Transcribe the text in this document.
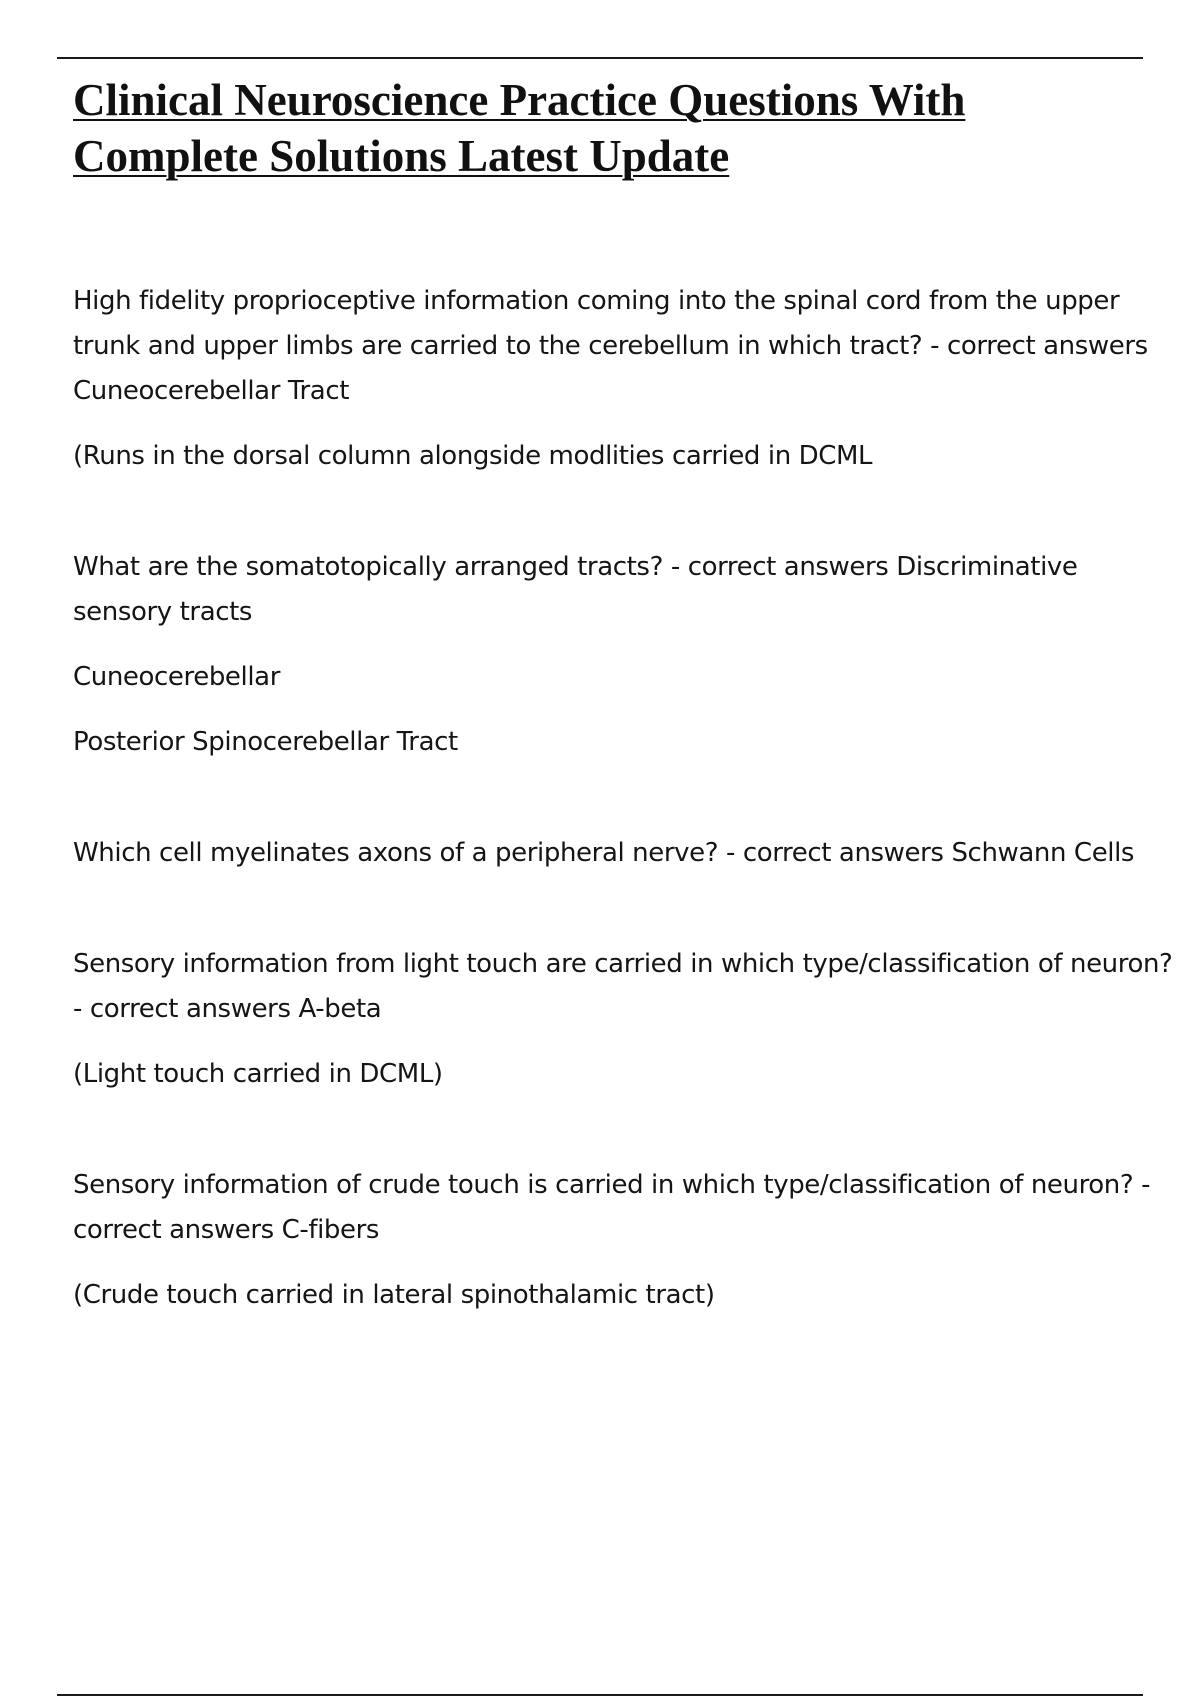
Clinical Neuroscience Practice Questions With
Complete Solutions Latest Update

High fidelity proprioceptive information coming into the spinal cord from the upper trunk and upper limbs are carried to the cerebellum in which tract? - correct answers Cuneocerebellar Tract

(Runs in the dorsal column alongside modlities carried in DCML

What are the somatotopically arranged tracts? - correct answers Discriminative sensory tracts

Cuneocerebellar

Posterior Spinocerebellar Tract

Which cell myelinates axons of a peripheral nerve? - correct answers Schwann Cells

Sensory information from light touch are carried in which type/classification of neuron? - correct answers A-beta

(Light touch carried in DCML)

Sensory information of crude touch is carried in which type/classification of neuron? - correct answers C-fibers

(Crude touch carried in lateral spinothalamic tract)
